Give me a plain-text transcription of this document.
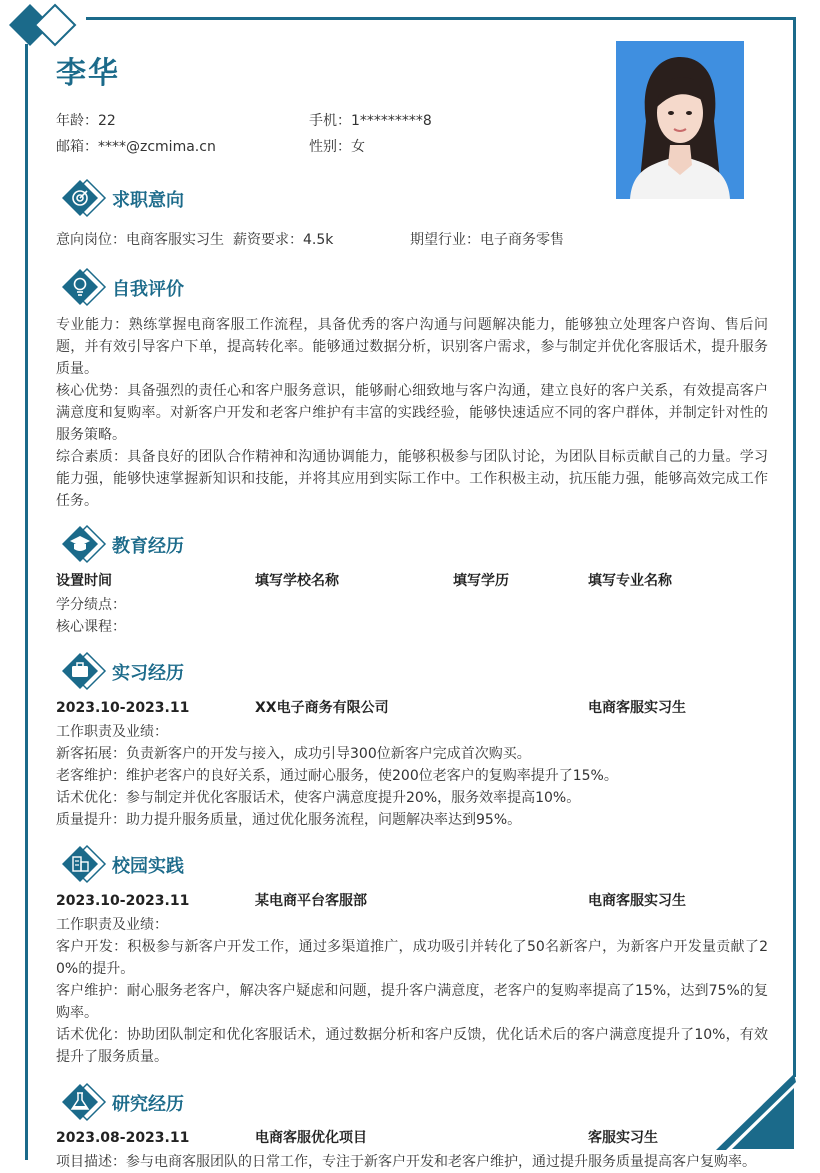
李华
年龄：22	手机：1*********8
邮箱：****@zcmima.cn	性别：女
求职意向
意向岗位：电商客服实习生 薪资要求：4.5k	期望行业：电子商务零售
自我评价
专业能力：熟练掌握电商客服工作流程，具备优秀的客户沟通与问题解决能力，能够独立处理客户咨询、售后问题，并有效引导客户下单，提高转化率。能够通过数据分析，识别客户需求，参与制定并优化客服话术，提升服务质量。
核心优势：具备强烈的责任心和客户服务意识，能够耐心细致地与客户沟通，建立良好的客户关系，有效提高客户满意度和复购率。对新客户开发和老客户维护有丰富的实践经验，能够快速适应不同的客户群体，并制定针对性的服务策略。
综合素质：具备良好的团队合作精神和沟通协调能力，能够积极参与团队讨论，为团队目标贡献自己的力量。学习能力强，能够快速掌握新知识和技能，并将其应用到实际工作中。工作积极主动，抗压能力强，能够高效完成工作任务。
教育经历
设置时间	填写学校名称	填写学历	填写专业名称
学分绩点：
核心课程：
实习经历
2023.10-2023.11	XX电子商务有限公司	电商客服实习生
工作职责及业绩：
新客拓展：负责新客户的开发与接入，成功引导300位新客户完成首次购买。
老客维护：维护老客户的良好关系，通过耐心服务，使200位老客户的复购率提升了15%。
话术优化：参与制定并优化客服话术，使客户满意度提升20%，服务效率提高10%。
质量提升：助力提升服务质量，通过优化服务流程，问题解决率达到95%。
校园实践
2023.10-2023.11	某电商平台客服部	电商客服实习生
工作职责及业绩：
客户开发：积极参与新客户开发工作，通过多渠道推广，成功吸引并转化了50名新客户，为新客户开发量贡献了20%的提升。
客户维护：耐心服务老客户，解决客户疑虑和问题，提升客户满意度，老客户的复购率提高了15%，达到75%的复购率。
话术优化：协助团队制定和优化客服话术，通过数据分析和客户反馈，优化话术后的客户满意度提升了10%，有效提升了服务质量。
研究经历
2023.08-2023.11	电商客服优化项目	客服实习生
项目描述：参与电商客服团队的日常工作，专注于新客户开发和老客户维护，通过提升服务质量提高客户复购率。
